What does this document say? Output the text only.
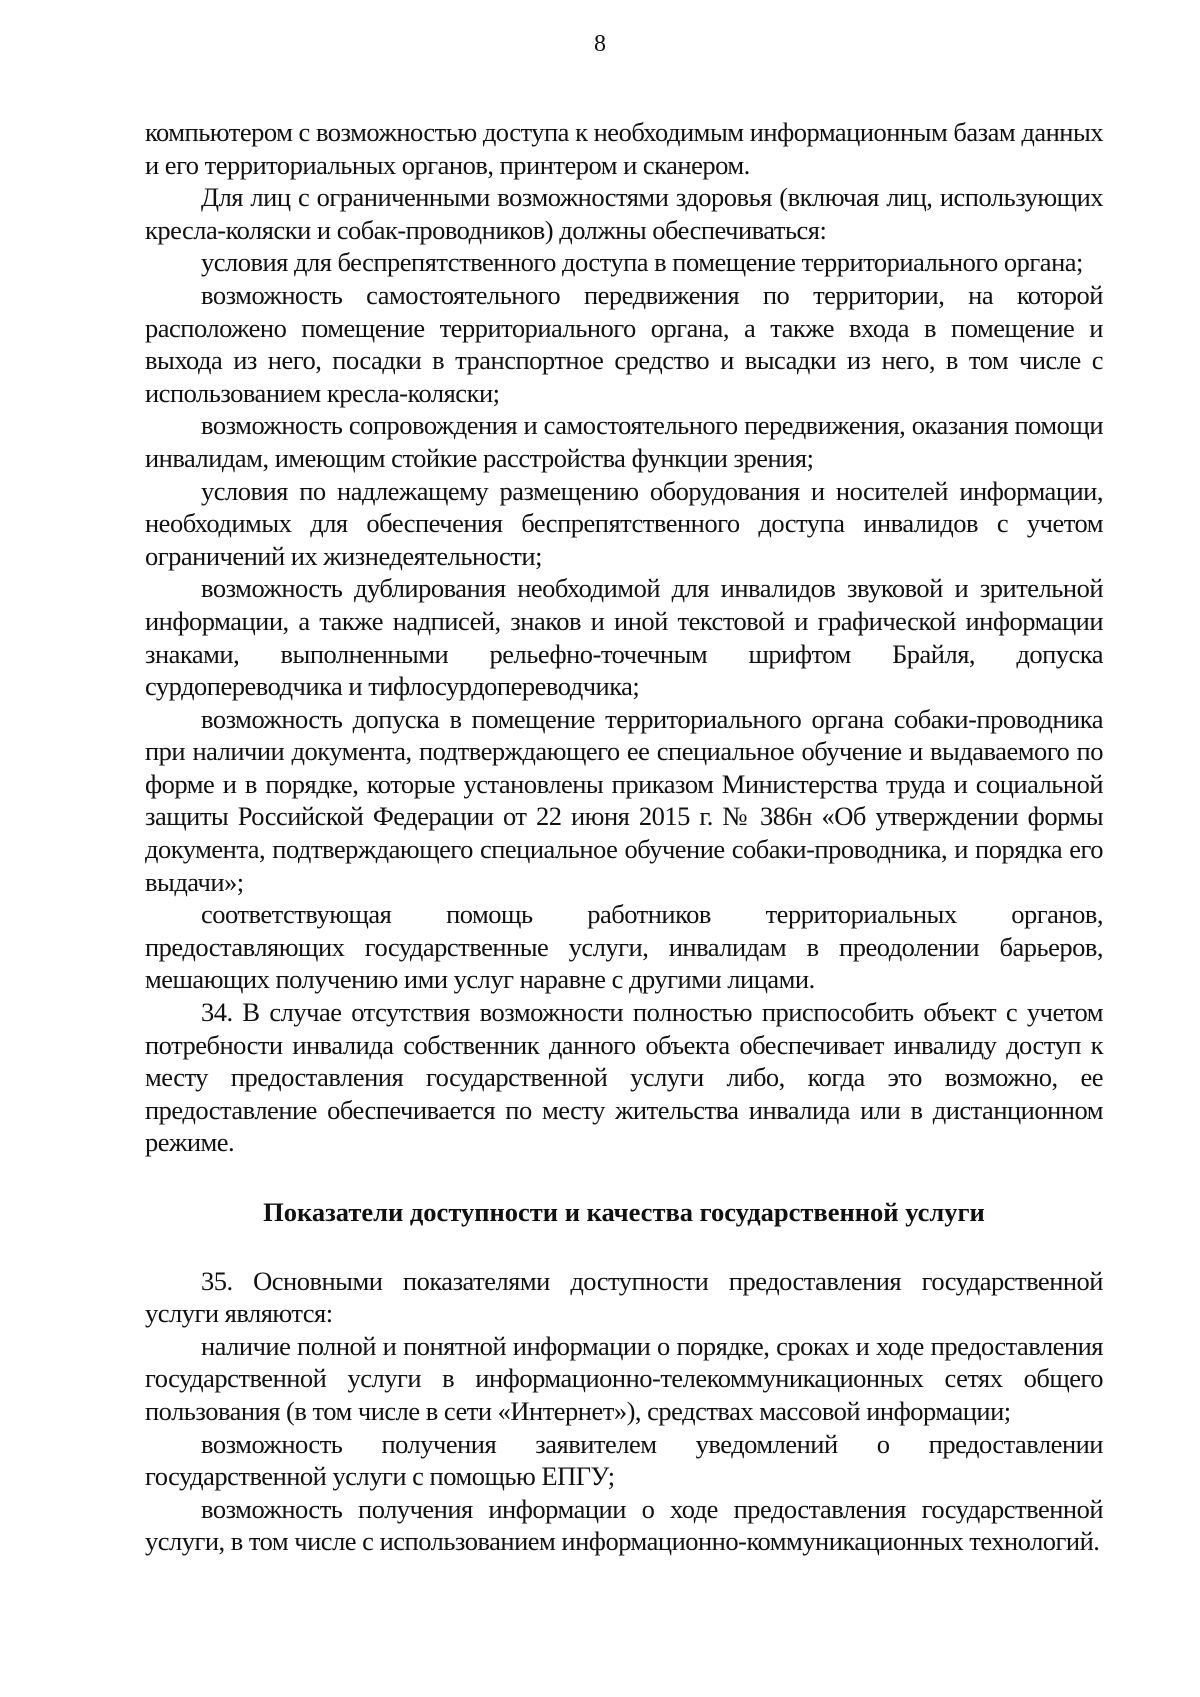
8

компьютером с возможностью доступа к необходимым информационным базам данных и его территориальных органов, принтером и сканером.

Для лиц с ограниченными возможностями здоровья (включая лиц, использующих кресла-коляски и собак-проводников) должны обеспечиваться:

условия для беспрепятственного доступа в помещение территориального органа;

возможность самостоятельного передвижения по территории, на которой расположено помещение территориального органа, а также входа в помещение и выхода из него, посадки в транспортное средство и высадки из него, в том числе с использованием кресла-коляски;

возможность сопровождения и самостоятельного передвижения, оказания помощи инвалидам, имеющим стойкие расстройства функции зрения;

условия по надлежащему размещению оборудования и носителей информации, необходимых для обеспечения беспрепятственного доступа инвалидов с учетом ограничений их жизнедеятельности;

возможность дублирования необходимой для инвалидов звуковой и зрительной информации, а также надписей, знаков и иной текстовой и графической информации знаками, выполненными рельефно-точечным шрифтом Брайля, допуска сурдопереводчика и тифлосурдопереводчика;

возможность допуска в помещение территориального органа собаки-проводника при наличии документа, подтверждающего ее специальное обучение и выдаваемого по форме и в порядке, которые установлены приказом Министерства труда и социальной защиты Российской Федерации от 22 июня 2015 г. № 386н «Об утверждении формы документа, подтверждающего специальное обучение собаки-проводника, и порядка его выдачи»;

соответствующая помощь работников территориальных органов, предоставляющих государственные услуги, инвалидам в преодолении барьеров, мешающих получению ими услуг наравне с другими лицами.

34. В случае отсутствия возможности полностью приспособить объект с учетом потребности инвалида собственник данного объекта обеспечивает инвалиду доступ к месту предоставления государственной услуги либо, когда это возможно, ее предоставление обеспечивается по месту жительства инвалида или в дистанционном режиме.

Показатели доступности и качества государственной услуги

35. Основными показателями доступности предоставления государственной услуги являются:

наличие полной и понятной информации о порядке, сроках и ходе предоставления государственной услуги в информационно-телекоммуникационных сетях общего пользования (в том числе в сети «Интернет»), средствах массовой информации;

возможность получения заявителем уведомлений о предоставлении государственной услуги с помощью ЕПГУ;

возможность получения информации о ходе предоставления государственной услуги, в том числе с использованием информационно-коммуникационных технологий.
